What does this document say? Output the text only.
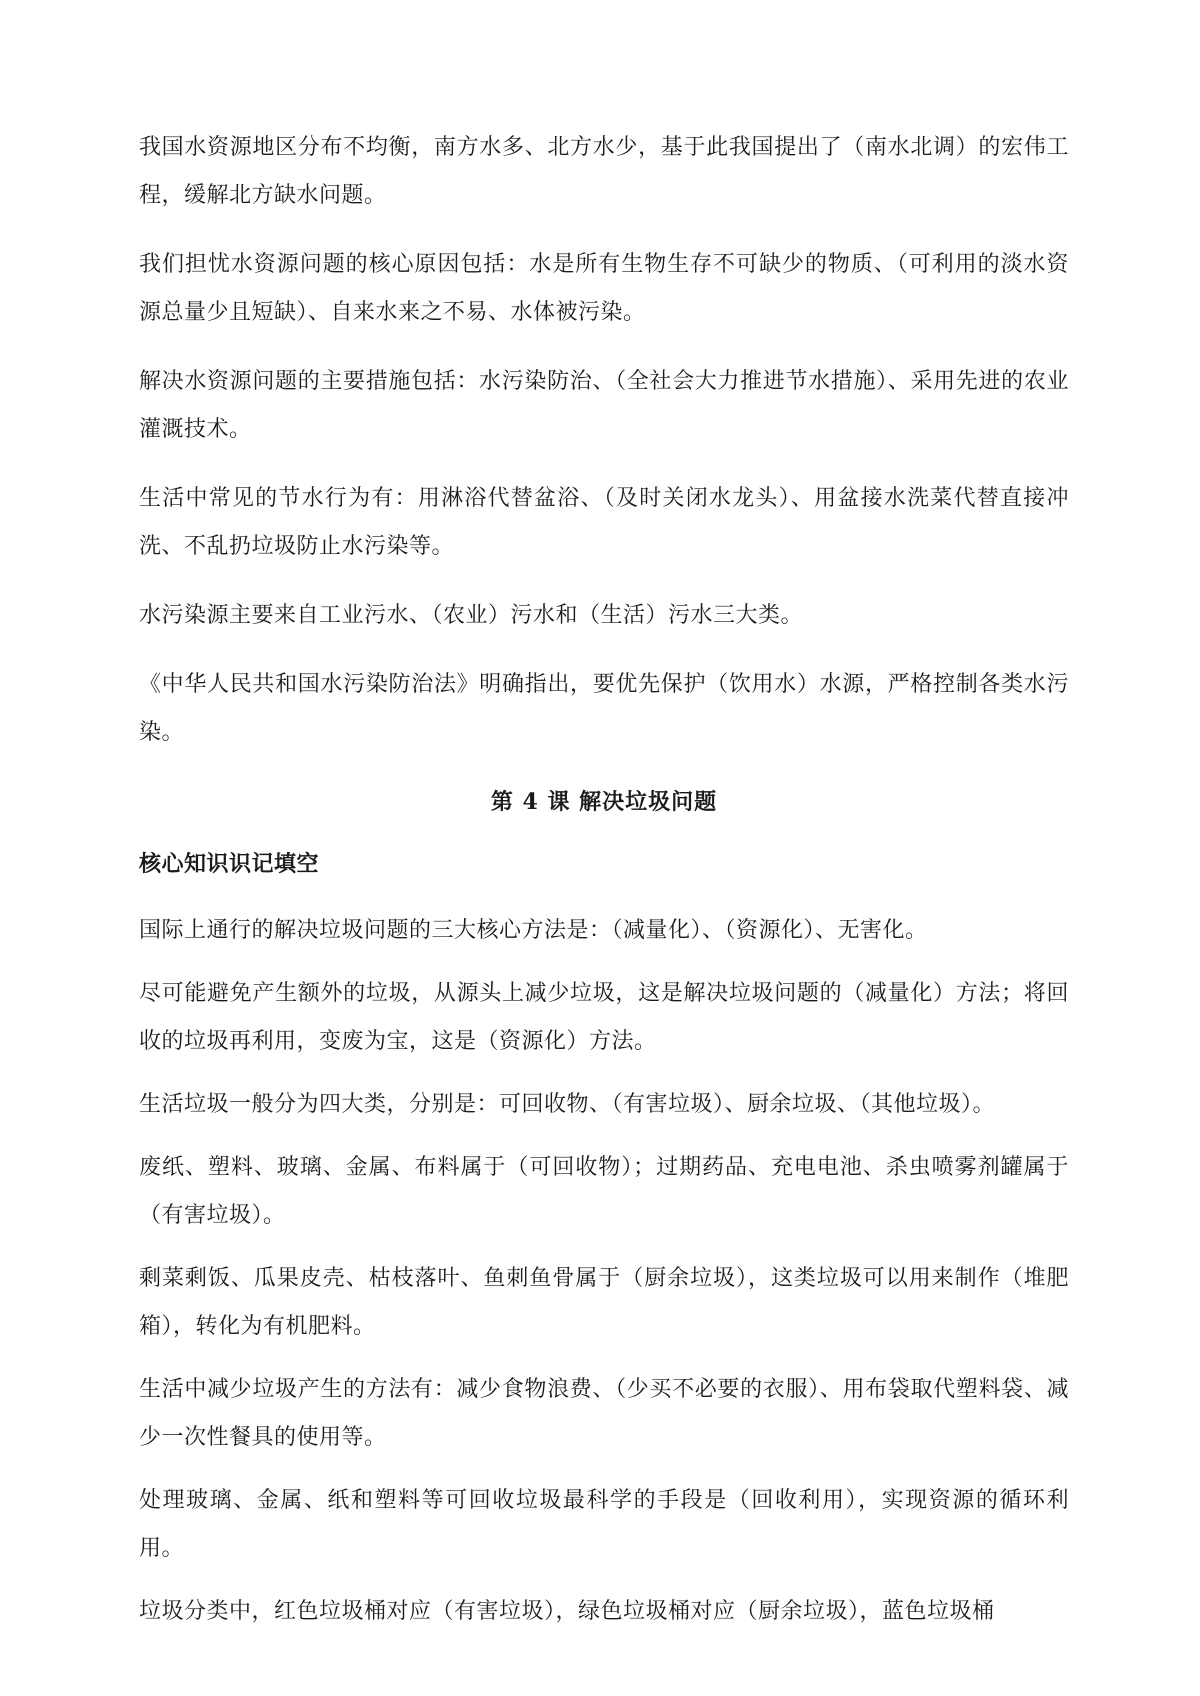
我国水资源地区分布不均衡，南方水多、北方水少，基于此我国提出了（南水北调）的宏伟工程，缓解北方缺水问题。

我们担忧水资源问题的核心原因包括：水是所有生物生存不可缺少的物质、（可利用的淡水资源总量少且短缺）、自来水来之不易、水体被污染。

解决水资源问题的主要措施包括：水污染防治、（全社会大力推进节水措施）、采用先进的农业灌溉技术。

生活中常见的节水行为有：用淋浴代替盆浴、（及时关闭水龙头）、用盆接水洗菜代替直接冲洗、不乱扔垃圾防止水污染等。

水污染源主要来自工业污水、（农业）污水和（生活）污水三大类。

《中华人民共和国水污染防治法》明确指出，要优先保护（饮用水）水源，严格控制各类水污染。

第 4 课 解决垃圾问题
核心知识识记填空

国际上通行的解决垃圾问题的三大核心方法是：（减量化）、（资源化）、无害化。

尽可能避免产生额外的垃圾，从源头上减少垃圾，这是解决垃圾问题的（减量化）方法；将回收的垃圾再利用，变废为宝，这是（资源化）方法。

生活垃圾一般分为四大类，分别是：可回收物、（有害垃圾）、厨余垃圾、（其他垃圾）。

废纸、塑料、玻璃、金属、布料属于（可回收物）；过期药品、充电电池、杀虫喷雾剂罐属于（有害垃圾）。

剩菜剩饭、瓜果皮壳、枯枝落叶、鱼刺鱼骨属于（厨余垃圾），这类垃圾可以用来制作（堆肥箱），转化为有机肥料。

生活中减少垃圾产生的方法有：减少食物浪费、（少买不必要的衣服）、用布袋取代塑料袋、减少一次性餐具的使用等。

处理玻璃、金属、纸和塑料等可回收垃圾最科学的手段是（回收利用），实现资源的循环利用。

垃圾分类中，红色垃圾桶对应（有害垃圾），绿色垃圾桶对应（厨余垃圾），蓝色垃圾桶
